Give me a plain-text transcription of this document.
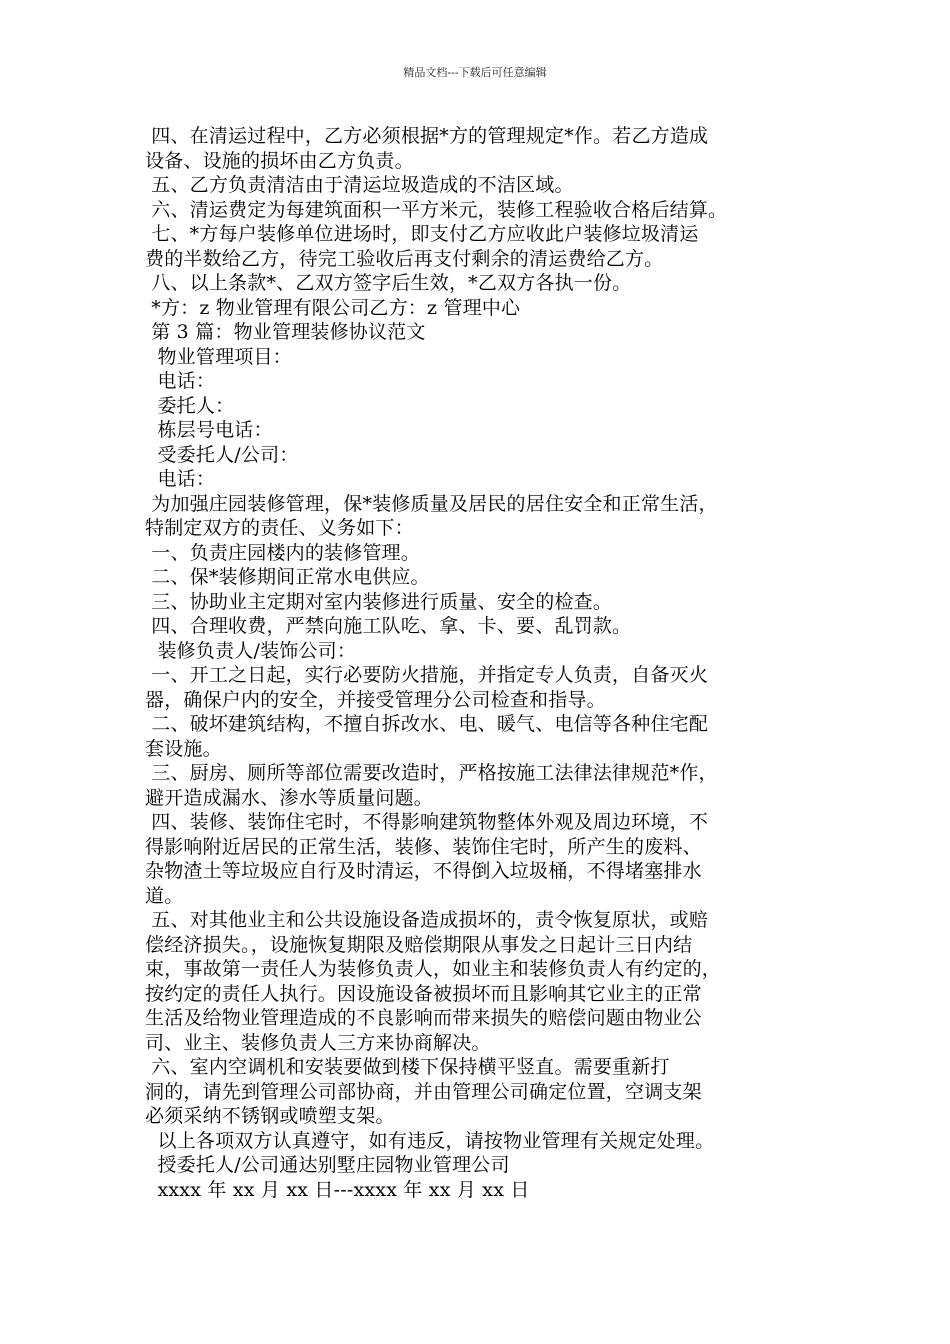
精品文档---下载后可任意编辑
四、在清运过程中，乙方必须根据*方的管理规定*作。若乙方造成
设备、设施的损坏由乙方负责。
五、乙方负责清洁由于清运垃圾造成的不洁区域。
六、清运费定为每建筑面积一平方米元，装修工程验收合格后结算。
七、*方每户装修单位进场时，即支付乙方应收此户装修垃圾清运
费的半数给乙方，待完工验收后再支付剩余的清运费给乙方。
八、以上条款*、乙双方签字后生效，*乙双方各执一份。
*方：z 物业管理有限公司乙方：z 管理中心
第 3 篇：物业管理装修协议范文
物业管理项目：
电话：
委托人：
栋层号电话：
受委托人/公司：
电话：
为加强庄园装修管理，保*装修质量及居民的居住安全和正常生活，
特制定双方的责任、义务如下：
一、负责庄园楼内的装修管理。
二、保*装修期间正常水电供应。
三、协助业主定期对室内装修进行质量、安全的检查。
四、合理收费，严禁向施工队吃、拿、卡、要、乱罚款。
装修负责人/装饰公司：
一、开工之日起，实行必要防火措施，并指定专人负责，自备灭火
器，确保户内的安全，并接受管理分公司检查和指导。
二、破坏建筑结构，不擅自拆改水、电、暖气、电信等各种住宅配
套设施。
三、厨房、厕所等部位需要改造时，严格按施工法律法律规范*作，
避开造成漏水、渗水等质量问题。
四、装修、装饰住宅时，不得影响建筑物整体外观及周边环境，不
得影响附近居民的正常生活，装修、装饰住宅时，所产生的废料、
杂物渣土等垃圾应自行及时清运，不得倒入垃圾桶，不得堵塞排水
道。
五、对其他业主和公共设施设备造成损坏的，责令恢复原状，或赔
偿经济损失。，设施恢复期限及赔偿期限从事发之日起计三日内结
束，事故第一责任人为装修负责人，如业主和装修负责人有约定的，
按约定的责任人执行。因设施设备被损坏而且影响其它业主的正常
生活及给物业管理造成的不良影响而带来损失的赔偿问题由物业公
司、业主、装修负责人三方来协商解决。
六、室内空调机和安装要做到楼下保持横平竖直。需要重新打
洞的，请先到管理公司部协商，并由管理公司确定位置，空调支架
必须采纳不锈钢或喷塑支架。
以上各项双方认真遵守，如有违反，请按物业管理有关规定处理。
授委托人/公司通达别墅庄园物业管理公司
xxxx 年 xx 月 xx 日---xxxx 年 xx 月 xx 日
